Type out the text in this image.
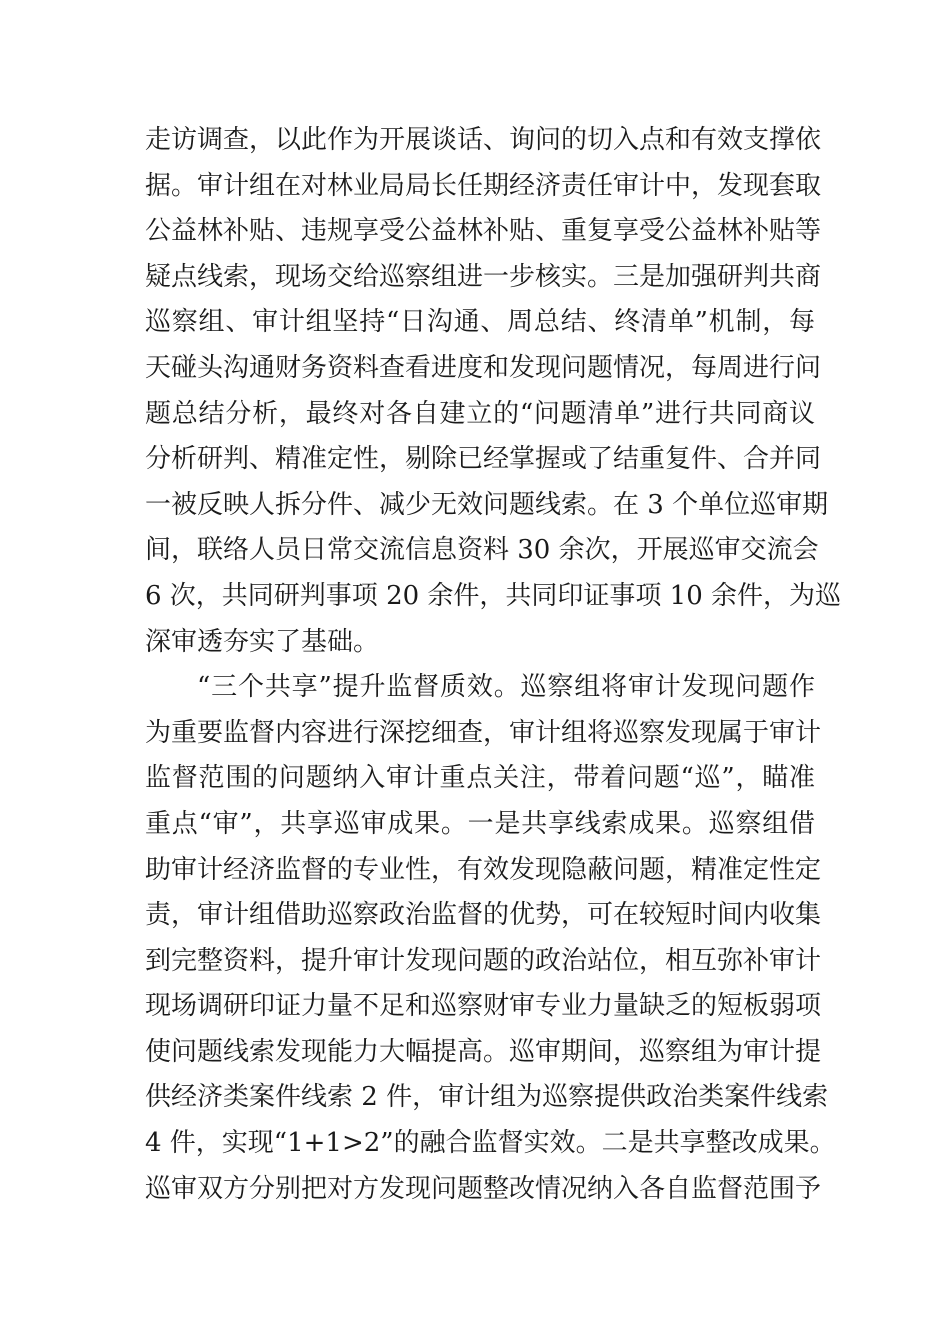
走访调查，以此作为开展谈话、询问的切入点和有效支撑依
据。审计组在对林业局局长任期经济责任审计中，发现套取
公益林补贴、违规享受公益林补贴、重复享受公益林补贴等
疑点线索，现场交给巡察组进一步核实。三是加强研判共商
巡察组、审计组坚持“日沟通、周总结、终清单”机制，每
天碰头沟通财务资料查看进度和发现问题情况，每周进行问
题总结分析，最终对各自建立的“问题清单”进行共同商议
分析研判、精准定性，剔除已经掌握或了结重复件、合并同
一被反映人拆分件、减少无效问题线索。在 3 个单位巡审期
间，联络人员日常交流信息资料 30 余次，开展巡审交流会
6 次，共同研判事项 20 余件，共同印证事项 10 余件，为巡
深审透夯实了基础。
“三个共享”提升监督质效。巡察组将审计发现问题作
为重要监督内容进行深挖细查，审计组将巡察发现属于审计
监督范围的问题纳入审计重点关注，带着问题“巡”，瞄准
重点“审”，共享巡审成果。一是共享线索成果。巡察组借
助审计经济监督的专业性，有效发现隐蔽问题，精准定性定
责，审计组借助巡察政治监督的优势，可在较短时间内收集
到完整资料，提升审计发现问题的政治站位，相互弥补审计
现场调研印证力量不足和巡察财审专业力量缺乏的短板弱项
使问题线索发现能力大幅提高。巡审期间，巡察组为审计提
供经济类案件线索 2 件，审计组为巡察提供政治类案件线索
4 件，实现“1+1>2”的融合监督实效。二是共享整改成果。
巡审双方分别把对方发现问题整改情况纳入各自监督范围予
